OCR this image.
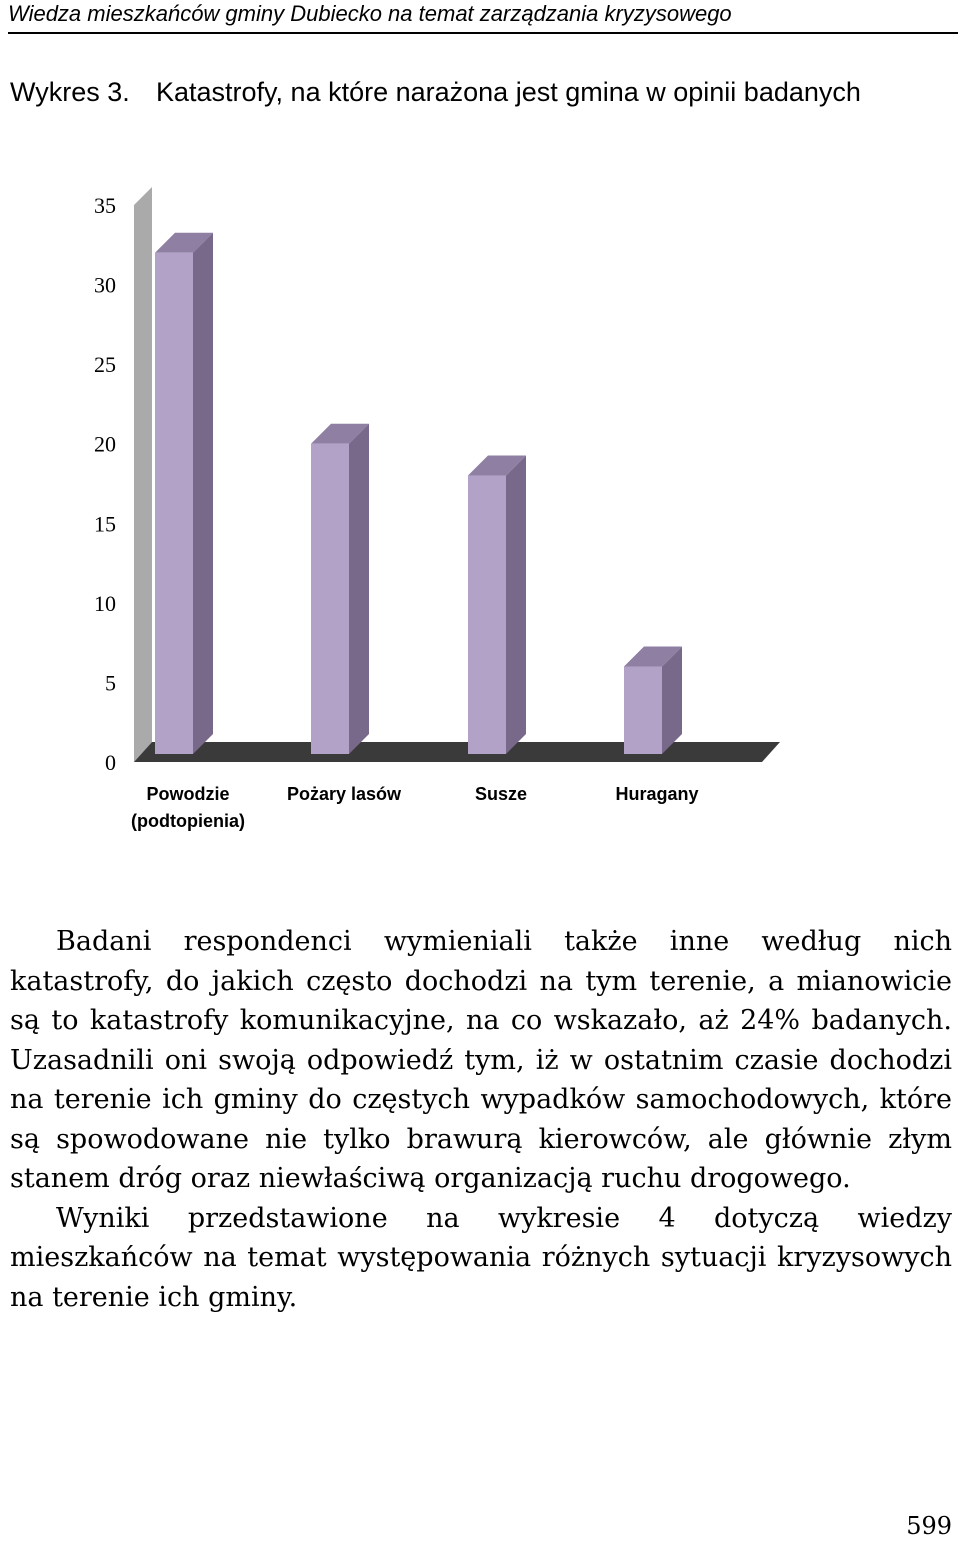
Wiedza mieszkańców gminy Dubiecko na temat zarządzania kryzysowego
Wykres 3. Katastrofy, na które narażona jest gmina w opinii badanych
0
5
10
15
20
25
30
35
Powodzie (podtopienia)
Pożary lasów	Susze	Huragany

Badani respondenci wymieniali także inne według nich katastrofy, do jakich często dochodzi na tym terenie, a mianowicie są to katastrofy komunikacyjne, na co wskazało, aż 24% badanych. Uzasadnili oni swoją odpowiedź tym, iż w ostatnim czasie dochodzi na terenie ich gminy do częstych wypadków samochodowych, które są spowodowane nie tylko brawurą kierowców, ale głównie złym stanem dróg oraz niewłaściwą organizacją ruchu drogowego.

Wyniki przedstawione na wykresie 4 dotyczą wiedzy mieszkańców na temat występowania różnych sytuacji kryzysowych na terenie ich gminy.

599
